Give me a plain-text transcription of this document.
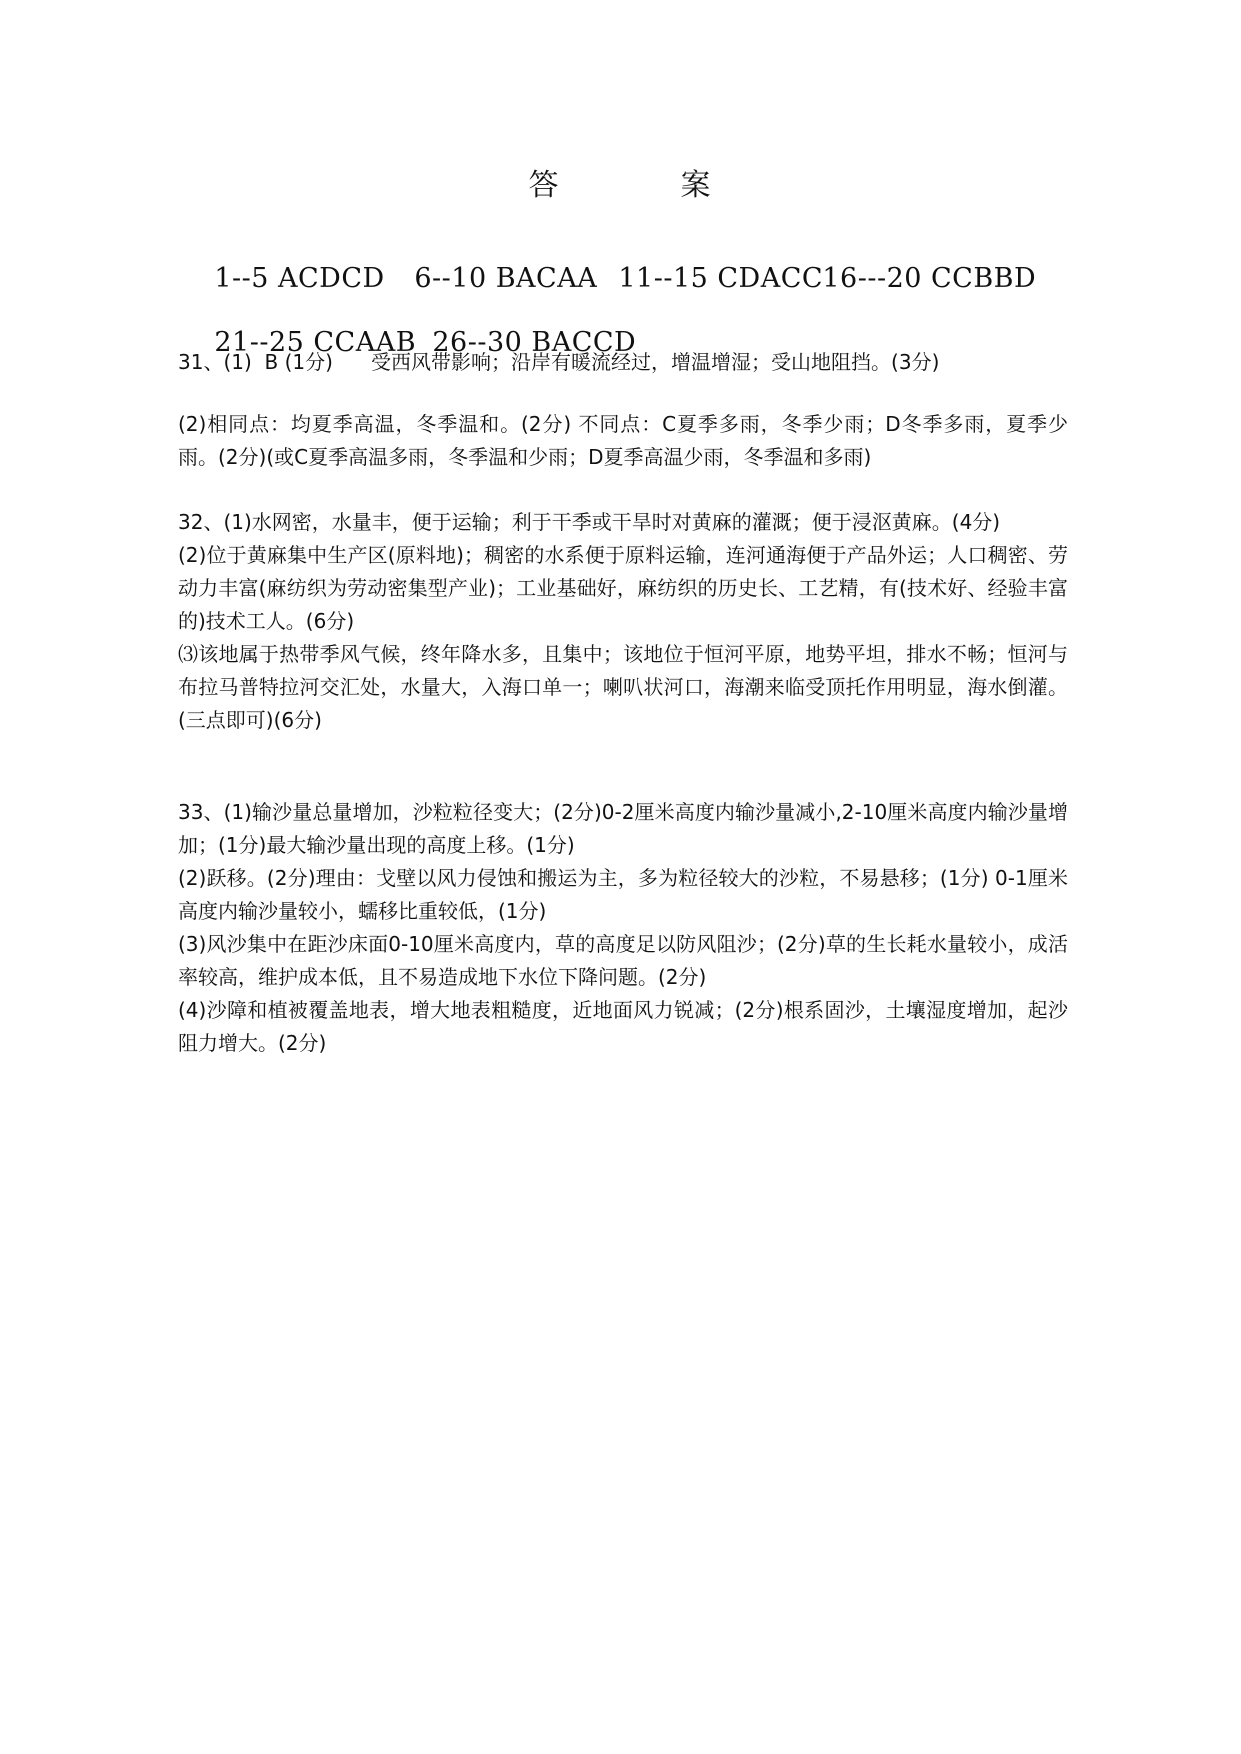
答	案

1--5 ACDCD 6--10 BACAA 11--15 CDACC16---20 CCBBD

21--25 CCAAB 26--30 BACCD

31、(1)  B (1分)      受西风带影响；沿岸有暖流经过，增温增湿；受山地阻挡。(3分)

(2)相同点：均夏季高温，冬季温和。(2分) 不同点：C夏季多雨，冬季少雨；D冬季多雨，夏季少雨。(2分)(或C夏季高温多雨，冬季温和少雨；D夏季高温少雨，冬季温和多雨)

32、(1)水网密，水量丰，便于运输；利于干季或干旱时对黄麻的灌溉；便于浸沤黄麻。(4分)

(2)位于黄麻集中生产区(原料地)；稠密的水系便于原料运输，连河通海便于产品外运；人口稠密、劳动力丰富(麻纺织为劳动密集型产业)；工业基础好，麻纺织的历史长、工艺精，有(技术好、经验丰富的)技术工人。(6分)

⑶该地属于热带季风气候，终年降水多，且集中；该地位于恒河平原，地势平坦，排水不畅；恒河与布拉马普特拉河交汇处，水量大，入海口单一；喇叭状河口，海潮来临受顶托作用明显，海水倒灌。(三点即可)(6分)

33、(1)输沙量总量增加，沙粒粒径变大；(2分)0-2厘米高度内输沙量减小,2-10厘米高度内输沙量增加；(1分)最大输沙量出现的高度上移。(1分)

(2)跃移。(2分)理由：戈壁以风力侵蚀和搬运为主，多为粒径较大的沙粒，不易悬移；(1分) 0-1厘米高度内输沙量较小，蠕移比重较低，(1分)

(3)风沙集中在距沙床面0-10厘米高度内，草的高度足以防风阻沙；(2分)草的生长耗水量较小，成活率较高，维护成本低，且不易造成地下水位下降问题。(2分)

(4)沙障和植被覆盖地表，增大地表粗糙度，近地面风力锐减；(2分)根系固沙，土壤湿度增加，起沙阻力增大。(2分)
